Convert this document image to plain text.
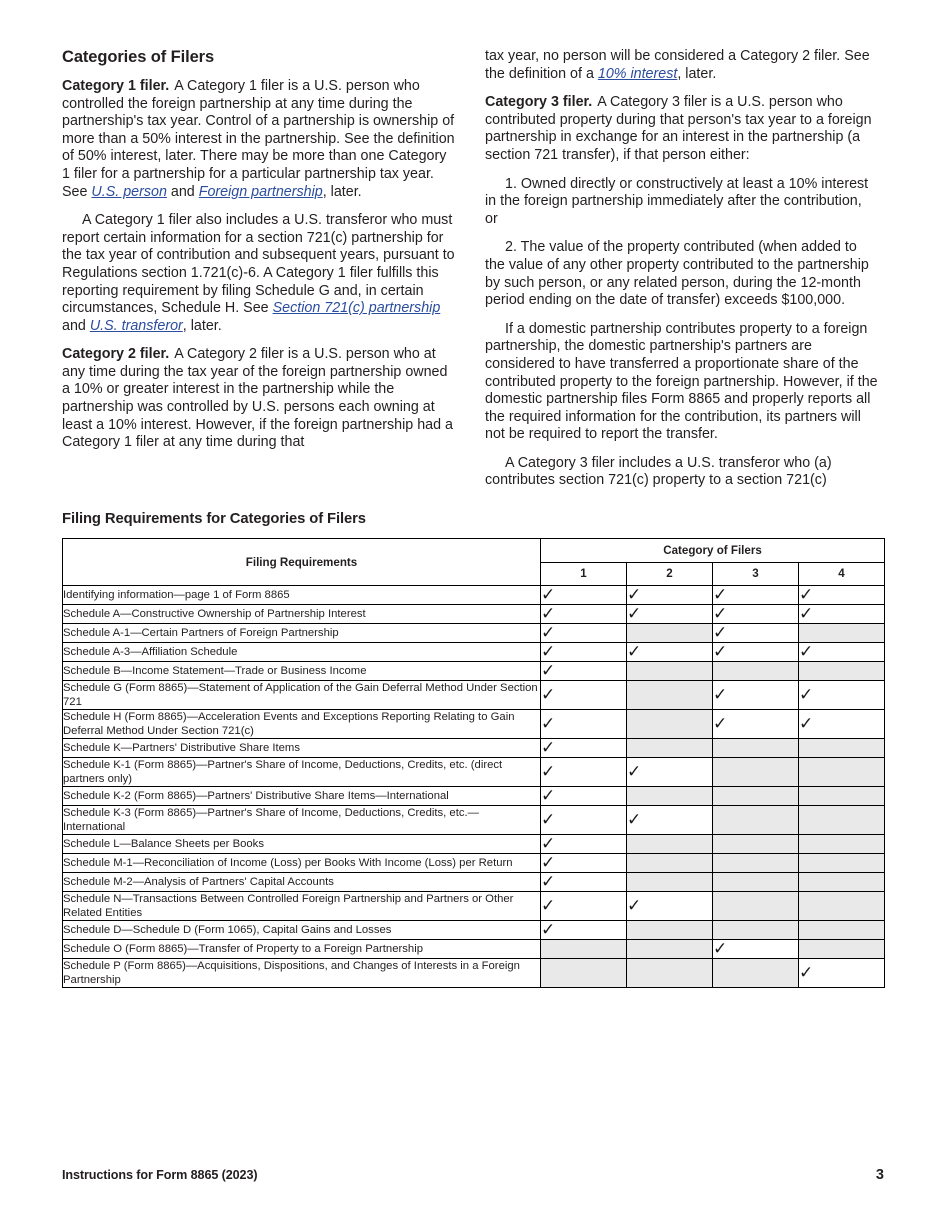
Categories of Filers

Category 1 filer. A Category 1 filer is a U.S. person who controlled the foreign partnership at any time during the partnership's tax year. Control of a partnership is ownership of more than a 50% interest in the partnership. See the definition of 50% interest, later. There may be more than one Category 1 filer for a partnership for a particular partnership tax year. See U.S. person and Foreign partnership, later.

A Category 1 filer also includes a U.S. transferor who must report certain information for a section 721(c) partnership for the tax year of contribution and subsequent years, pursuant to Regulations section 1.721(c)-6. A Category 1 filer fulfills this reporting requirement by filing Schedule G and, in certain circumstances, Schedule H. See Section 721(c) partnership and U.S. transferor, later.

Category 2 filer. A Category 2 filer is a U.S. person who at any time during the tax year of the foreign partnership owned a 10% or greater interest in the partnership while the partnership was controlled by U.S. persons each owning at least a 10% interest. However, if the foreign partnership had a Category 1 filer at any time during that

tax year, no person will be considered a Category 2 filer. See the definition of a 10% interest, later.

Category 3 filer. A Category 3 filer is a U.S. person who contributed property during that person's tax year to a foreign partnership in exchange for an interest in the partnership (a section 721 transfer), if that person either:

1. Owned directly or constructively at least a 10% interest in the foreign partnership immediately after the contribution, or

2. The value of the property contributed (when added to the value of any other property contributed to the partnership by such person, or any related person, during the 12-month period ending on the date of transfer) exceeds $100,000.

If a domestic partnership contributes property to a foreign partnership, the domestic partnership's partners are considered to have transferred a proportionate share of the contributed property to the foreign partnership. However, if the domestic partnership files Form 8865 and properly reports all the required information for the contribution, its partners will not be required to report the transfer.

A Category 3 filer includes a U.S. transferor who (a) contributes section 721(c) property to a section 721(c)

Filing Requirements for Categories of Filers
Filing Requirements	Category of Filers			
	1	2	3	4
Identifying information—page 1 of Form 8865	✓	✓	✓	✓
Schedule A—Constructive Ownership of Partnership Interest	✓	✓	✓	✓
Schedule A-1—Certain Partners of Foreign Partnership	✓		✓	
Schedule A-3—Affiliation Schedule	✓	✓	✓	✓
Schedule B—Income Statement—Trade or Business Income	✓			
Schedule G (Form 8865)—Statement of Application of the Gain Deferral Method Under Section 721	✓		✓	✓
Schedule H (Form 8865)—Acceleration Events and Exceptions Reporting Relating to Gain Deferral Method Under Section 721(c)	✓		✓	✓
Schedule K—Partners' Distributive Share Items	✓			
Schedule K-1 (Form 8865)—Partner's Share of Income, Deductions, Credits, etc. (direct partners only)	✓	✓		
Schedule K-2 (Form 8865)—Partners' Distributive Share Items—International	✓			
Schedule K-3 (Form 8865)—Partner's Share of Income, Deductions, Credits, etc.—International	✓	✓		
Schedule L—Balance Sheets per Books	✓			
Schedule M-1—Reconciliation of Income (Loss) per Books With Income (Loss) per Return	✓			
Schedule M-2—Analysis of Partners' Capital Accounts	✓			
Schedule N—Transactions Between Controlled Foreign Partnership and Partners or Other Related Entities	✓	✓		
Schedule D—Schedule D (Form 1065), Capital Gains and Losses	✓			
Schedule O (Form 8865)—Transfer of Property to a Foreign Partnership			✓	
Schedule P (Form 8865)—Acquisitions, Dispositions, and Changes of Interests in a Foreign Partnership				✓
Instructions for Form 8865 (2023)	3
